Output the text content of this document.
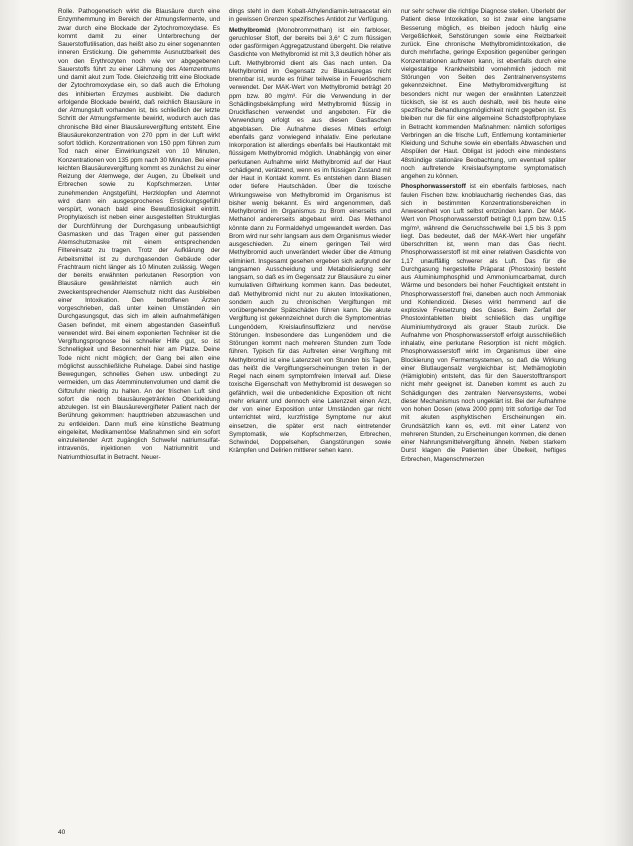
Rolle. Pathogenetisch wirkt die Blausäure durch eine Enzymhemmung im Bereich der Atmungsfermente, und zwar durch eine Blockade der Zytochromoxydase. Es kommt damit zu einer Unterbrechung der Sauerstoffutilisation, das heißt also zu einer sogenannten inneren Erstickung. Die gehemmte Ausnutzbarkeit des von den Erythrozyten noch wie vor abgegebenen Sauerstoffs führt zu einer Lähmung des Atemzentrums und damit akut zum Tode. Gleichzeitig tritt eine Blockade der Zytochromoxydase ein, so daß auch die Erholung des inhibierten Enzymes ausbleibt. Die dadurch erfolgende Blockade bewirkt, daß reichlich Blausäure in der Atmungsluft vorhanden ist, bis schließlich der letzte Schritt der Atmungsfermente bewirkt, wodurch auch das chronische Bild einer Blausäurevergiftung entsteht. Eine Blausäurekonzentration von 270 ppm in der Luft wirkt sofort tödlich. Konzentrationen von 150 ppm führen zum Tod nach einer Einwirkungszeit von 10 Minuten, Konzentrationen von 135 ppm nach 30 Minuten. Bei einer leichten Blausäurevergiftung kommt es zunächst zu einer Reizung der Atemwege, der Augen, zu Übelkeit und Erbrechen sowie zu Kopfschmerzen. Unter zunehmenden Angstgefühl, Herzklopfen und Atemnot wird dann ein ausgesprochenes Erstickungsgefühl verspürt, wonach bald eine Bewußtlosigkeit eintritt. Prophylaxisch ist neben einer ausgestellten Strukturglas der Durchführung der Durchgasung unbeaufsichtigt Gasmasken und das Tragen einer gut passenden Atemschutzmaske mit einem entsprechenden Filtereinsatz zu tragen. Trotz der Aufklärung der Arbeitsmittel ist zu durchgasenden Gebäude oder Frachtraum nicht länger als 10 Minuten zulässig. Wegen der bereits erwähnten perkutanen Resorption von Blausäure gewährleistet nämlich auch ein zweckentsprechender Atemschutz nicht das Ausbleiben einer Intoxikation. Den betroffenen Ärzten vorgeschrieben, daß unter keinen Umständen ein Durchgasungsgut, das sich im allein aufnahmefähigen Gasen befindet, mit einem abgestanden Gaseinfluß verwendet wird. Bei einem exponierten Techniker ist die Vergiftungsprognose bei schneller Hilfe gut, so ist Schnelligkeit und Besonnenheit hier am Platze. Deine Tode nicht nicht möglich; der Gang bei allen eine möglichst ausschließliche Ruhelage. Dabei sind hastige Bewegungen, schnelles Gehen usw. unbedingt zu vermeiden, um das Atemminutenvolumen und damit die Giftzufuhr niedrig zu halten. An der frischen Luft sind sofort die noch blausäuregetränkten Oberkleidung abzulegen. Ist ein Blausäurevergifteter Patient nach der Berührung gekommen: haupttrieben abzuwaschen und zu entkleiden. Dann muß eine künstliche Beatmung eingeleitet, Medikamentöse Maßnahmen sind ein sofort einzuleitender Arzt zugänglich Schwefel natriumsulfat-intravenös, injektionen von Natriumnitrit und Natriumthiosulfat in Betracht. Neuer-

dings steht in dem Kobalt-Äthylendiamin-tetraacetat ein in gewissen Grenzen spezifisches Antidot zur Verfügung.

Methylbromid (Monobrommethan) ist ein farbloser, geruchloser Stoff, der bereits bei 3,6° C zum flüssigen oder gasförmigen Aggregatzustand übergeht. Die relative Gasdichte von Methylbromid ist mit 3,3 deutlich höher als Luft. Methylbromid dient als Gas nach unten. Da Methylbromid im Gegensatz zu Blausäuregas nicht brennbar ist, wurde es früher teilweise in Feuerlöschern verwendet. Der MAK-Wert von Methylbromid beträgt 20 ppm bzw. 80 mg/m³. Für die Verwendung in der Schädlingsbekämpfung wird Methylbromid flüssig in Druckflaschen verwendet und angeboten. Für die Verwendung erfolgt es aus diesen Gasflaschen abgeblasen. Die Aufnahme dieses Mittels erfolgt ebenfalls ganz vorwiegend inhalativ. Eine perkutane Inkorporation ist allerdings ebenfalls bei Hautkontakt mit flüssigem Methylbromid möglich. Unabhängig von einer perkutanen Aufnahme wirkt Methylbromid auf der Haut schädigend, verätzend, wenn es im flüssigen Zustand mit der Haut in Kontakt kommt. Es entstehen dann Blasen oder tiefere Hautschäden. Über die toxische Wirkungsweise von Methylbromid im Organismus ist bisher wenig bekannt. Es wird angenommen, daß Methylbromid im Organismus zu Brom einerseits und Methanol andererseits abgebaut wird. Das Methanol könnte dann zu Formaldehyd umgewandelt werden. Das Brom wird nur sehr langsam aus dem Organismus wieder ausgeschieden. Zu einem geringen Teil wird Methylbromid auch unverändert wieder über die Atmung eliminiert. Insgesamt gesehen ergeben sich aufgrund der langsamen Ausscheidung und Metabolisierung sehr langsam, so daß es im Gegensatz zur Blausäure zu einer kumulativen Giftwirkung kommen kann. Das bedeutet, daß Methylbromid nicht nur zu akuten Intoxikationen, sondern auch zu chronischen Vergiftungen mit vorübergehender Spätschäden führen kann. Die akute Vergiftung ist gekennzeichnet durch die Symptomentrias Lungenödem, Kreislaufinsuffizienz und nervöse Störungen. Insbesondere das Lungenödem und die Störungen kommt nach mehreren Stunden zum Tode führen. Typisch für das Auftreten einer Vergiftung mit Methylbromid ist eine Latenzzeit von Stunden bis Tagen, das heißt die Vergiftungserscheinungen treten in der Regel nach einem symptomfreien Intervall auf. Diese toxische Eigenschaft von Methylbromid ist deswegen so gefährlich, weil die unbedenkliche Exposition oft nicht mehr erkannt und dennoch eine Latenzzeit einen Arzt, der von einer Exposition unter Umständen gar nicht unterrichtet wird, kurzfristige Symptome nur akut einsetzen, die später erst nach eintretender Symptomatik, wie Kopfschmerzen, Erbrechen, Schwindel, Doppelsehen, Gangstörungen sowie Krämpfen und Delirien mittlerer sehen kann.

nur sehr schwer die richtige Diagnose stellen. Überlebt der Patient diese Intoxikation, so ist zwar eine langsame Besserung möglich, es bleiben jedoch häufig eine Vergeßlichkeit, Sehstörungen sowie eine Reizbarkeit zurück. Eine chronische Methylbromidintoxikation, die durch mehrfache, geringe Exposition gegenüber geringen Konzentrationen auftreten kann, ist ebenfalls durch eine vielgestaltige Krankheitsbild vornehmlich jedoch mit Störungen von Seiten des Zentralnervensystems gekennzeichnet. Eine Methylbromidvergiftung ist besonders nicht nur wegen der erwähnten Latenzzeit tückisch, sie ist es auch deshalb, weil bis heute eine spezifische Behandlungsmöglichkeit nicht gegeben ist. Es bleiben nur die für eine allgemeine Schadstoffprophylaxe in Betracht kommenden Maßnahmen: nämlich sofortiges Verbringen an die frische Luft, Entfernung kontaminierter Kleidung und Schuhe sowie ein ebenfalls Abwaschen und Abspülen der Haut. Obligat ist jedoch eine mindestens 48stündige stationäre Beobachtung, um eventuell später noch auftretende Kreislaufsymptome symptomatisch angehen zu können.

Phosphorwasserstoff ist ein ebenfalls farbloses, nach faulen Fischen bzw. knoblauchartig riechendes Gas, das sich in bestimmten Konzentrationsbereichen in Anwesenheit von Luft selbst entzünden kann. Der MAK-Wert von Phosphorwasserstoff beträgt 0,1 ppm bzw. 0,15 mg/m³, während die Geruchsschwelle bei 1,5 bis 3 ppm liegt. Das bedeutet, daß der MAK-Wert hier ungefähr überschritten ist, wenn man das Gas riecht. Phosphorwasserstoff ist mit einer relativen Gasdichte von 1,17 unauffällig schwerer als Luft. Das für die Durchgasung hergestellte Präparat (Phostoxin) besteht aus Aluminiumphosphid und Ammoniumcarbamat, durch Wärme und besonders bei hoher Feuchtigkeit entsteht in Phosphorwasserstoff frei, daneben auch noch Ammoniak und Kohlendioxid. Dieses wirkt hemmend auf die explosive Freisetzung des Gases. Beim Zerfall der Phostoxintabletten bleibt schließlich das ungiftige Aluminiumhydroxyd als grauer Staub zurück. Die Aufnahme von Phosphorwasserstoff erfolgt ausschließlich inhalativ, eine perkutane Resorption ist nicht möglich. Phosphorwasserstoff wirkt im Organismus über eine Blockierung von Fermentsystemen, so daß die Wirkung einer Blutlaugensalz vergleichbar ist; Methämoglobin (Hämiglobin) entsteht, das für den Sauerstofftransport nicht mehr geeignet ist. Daneben kommt es auch zu Schädigungen des zentralen Nervensystems, wobei dieser Mechanismus noch ungeklärt ist. Bei der Aufnahme von hohen Dosen (etwa 2000 ppm) tritt sofortige der Tod mit akuten asphyktischen Erscheinungen ein. Grundsätzlich kann es, evtl. mit einer Latenz von mehreren Stunden, zu Erscheinungen kommen, die denen einer Nahrungsmittelvergiftung ähneln. Neben starkem Durst klagen die Patienten über Übelkeit, heftiges Erbrechen, Magenschmerzen

40
